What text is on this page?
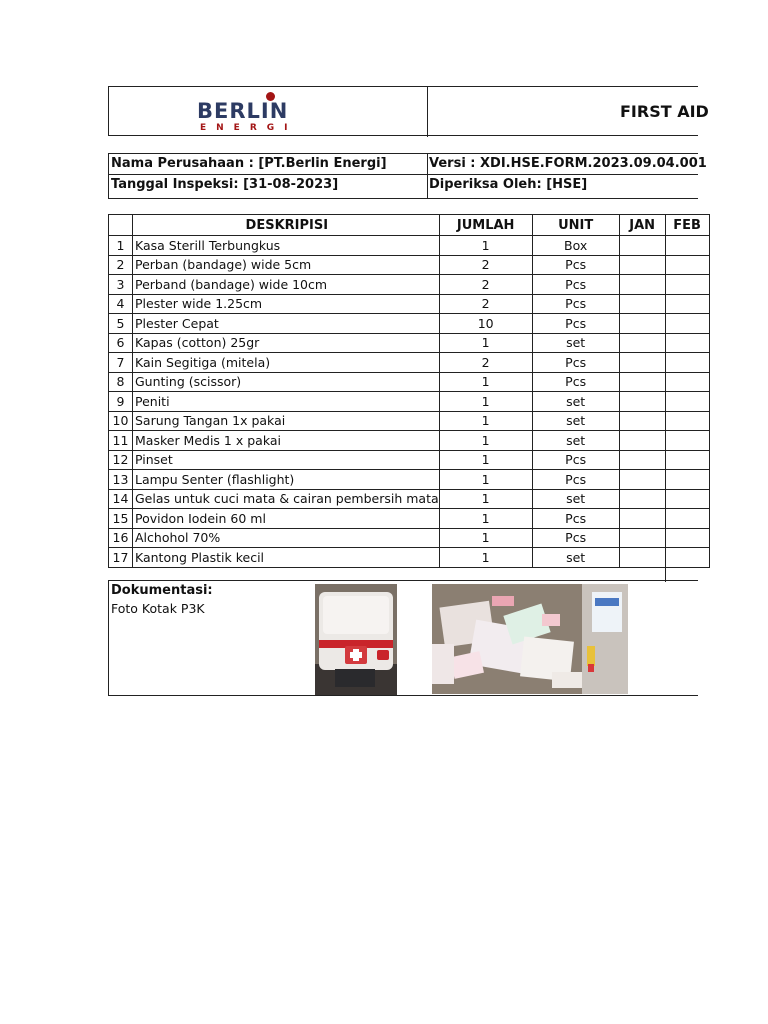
BERLIN
ENERGI
FIRST AID
Nama Perusahaan : [PT.Berlin Energi]	Versi : XDI.HSE.FORM.2023.09.04.001
Tanggal Inspeksi: [31-08-2023]	Diperiksa Oleh: [HSE]
	DESKRIPISI	JUMLAH	UNIT	JAN	FEB
1	Kasa Sterill Terbungkus	1	Box		
2	Perban (bandage) wide 5cm	2	Pcs		
3	Perband (bandage) wide 10cm	2	Pcs		
4	Plester wide 1.25cm	2	Pcs		
5	Plester Cepat	10	Pcs		
6	Kapas (cotton) 25gr	1	set		
7	Kain Segitiga (mitela)	2	Pcs		
8	Gunting (scissor)	1	Pcs		
9	Peniti	1	set		
10	Sarung Tangan 1x pakai	1	set		
11	Masker Medis 1 x pakai	1	set		
12	Pinset	1	Pcs		
13	Lampu Senter (flashlight)	1	Pcs		
14	Gelas untuk cuci mata & cairan pembersih mata	1	set		
15	Povidon Iodein 60 ml	1	Pcs		
16	Alchohol 70%	1	Pcs		
17	Kantong Plastik kecil	1	set		

Dokumentasi:
Foto Kotak P3K
